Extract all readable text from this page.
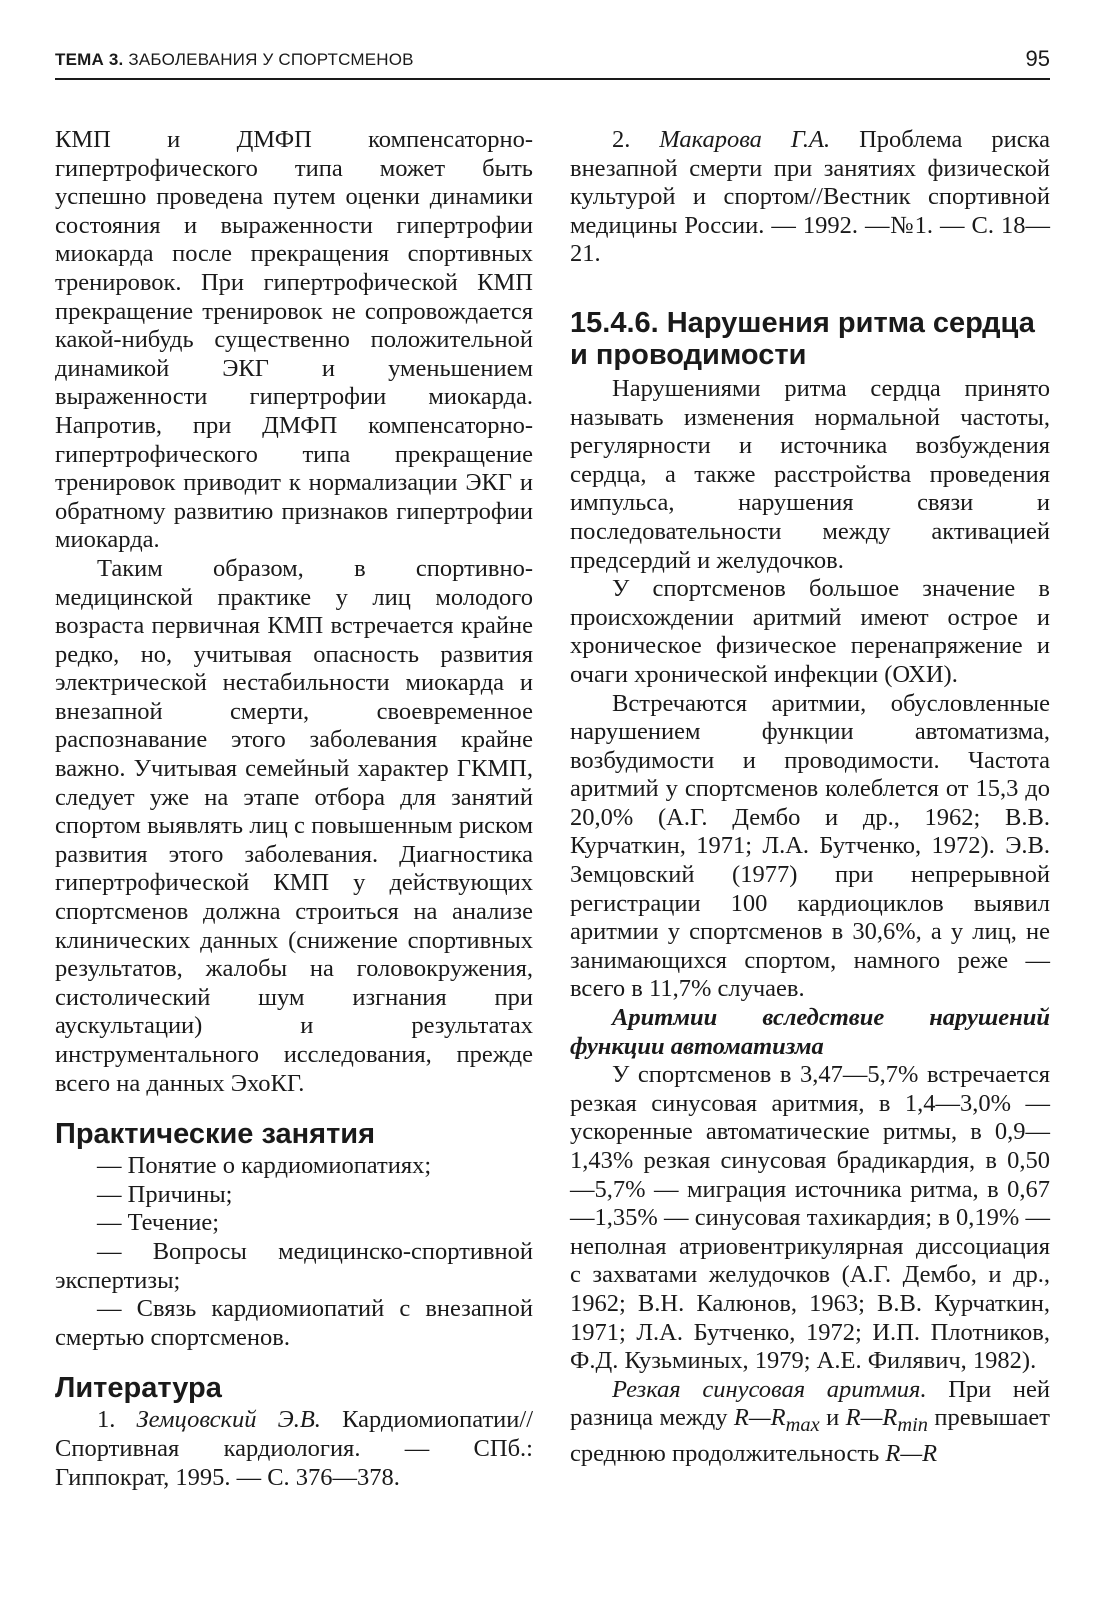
ТЕМА 3. ЗАБОЛЕВАНИЯ У СПОРТСМЕНОВ	95

КМП и ДМФП компенсаторно-гипертрофического типа может быть успешно проведена путем оценки динамики состояния и выраженности гипертрофии миокарда после прекращения спортивных тренировок. При гипертрофической КМП прекращение тренировок не сопровождается какой-нибудь существенно положительной динамикой ЭКГ и уменьшением выраженности гипертрофии миокарда. Напротив, при ДМФП компенсаторно-гипертрофического типа прекращение тренировок приводит к нормализации ЭКГ и обратному развитию признаков гипертрофии миокарда.

Таким образом, в спортивно-медицинской практике у лиц молодого возраста первичная КМП встречается крайне редко, но, учитывая опасность развития электрической нестабильности миокарда и внезапной смерти, своевременное распознавание этого заболевания крайне важно. Учитывая семейный характер ГКМП, следует уже на этапе отбора для занятий спортом выявлять лиц с повышенным риском развития этого заболевания. Диагностика гипертрофической КМП у действующих спортсменов должна строиться на анализе клинических данных (снижение спортивных результатов, жалобы на головокружения, систолический шум изгнания при аускультации) и результатах инструментального исследования, прежде всего на данных ЭхоКГ.

Практические занятия
— Понятие о кардиомиопатиях;
— Причины;
— Течение;
— Вопросы медицинско-спортивной экспертизы;
— Связь кардиомиопатий с внезапной смертью спортсменов.
Литература

1. Земцовский Э.В. Кардиомиопатии//Спортивная кардиология. — СПб.: Гиппократ, 1995. — С. 376—378.

2. Макарова Г.А. Проблема риска внезапной смерти при занятиях физической культурой и спортом//Вестник спортивной медицины России. — 1992. —№1. — С. 18—21.

15.4.6. Нарушения ритма сердца и проводимости

Нарушениями ритма сердца принято называть изменения нормальной частоты, регулярности и источника возбуждения сердца, а также расстройства проведения импульса, нарушения связи и последовательности между активацией предсердий и желудочков.

У спортсменов большое значение в происхождении аритмий имеют острое и хроническое физическое перенапряжение и очаги хронической инфекции (ОХИ).

Встречаются аритмии, обусловленные нарушением функции автоматизма, возбудимости и проводимости. Частота аритмий у спортсменов колеблется от 15,3 до 20,0% (А.Г. Дембо и др., 1962; В.В. Курчаткин, 1971; Л.А. Бутченко, 1972). Э.В. Земцовский (1977) при непрерывной регистрации 100 кардиоциклов выявил аритмии у спортсменов в 30,6%, а у лиц, не занимающихся спортом, намного реже — всего в 11,7% случаев.

Аритмии вследствие нарушений функции автоматизма

У спортсменов в 3,47—5,7% встречается резкая синусовая аритмия, в 1,4—3,0% — ускоренные автоматические ритмы, в 0,9—1,43% резкая синусовая брадикардия, в 0,50—5,7% — миграция источника ритма, в 0,67—1,35% — синусовая тахикардия; в 0,19% — неполная атриовентрикулярная диссоциация с захватами желудочков (А.Г. Дембо, и др., 1962; В.Н. Калюнов, 1963; В.В. Курчаткин, 1971; Л.А. Бутченко, 1972; И.П. Плотников, Ф.Д. Кузьминых, 1979; А.Е. Филявич, 1982).

Резкая синусовая аритмия. При ней разница между $R—R_{max}$ и $R—R_{min}$ превышает среднюю продолжительность R—R
